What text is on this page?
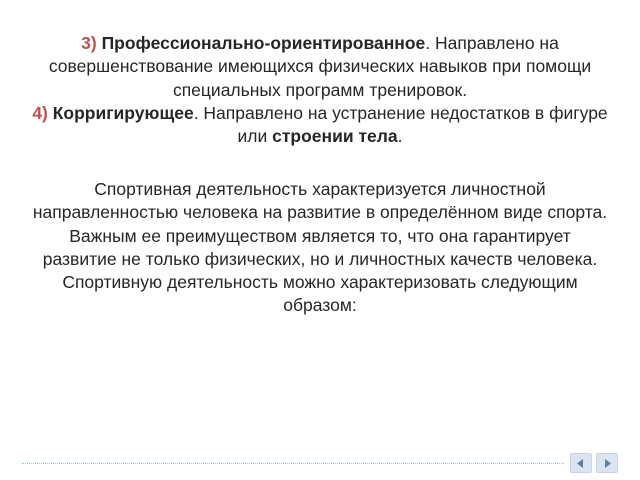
3) Профессионально-ориентированное. Направлено на совершенствование имеющихся физических навыков при помощи специальных программ тренировок.
4) Корригирующее. Направлено на устранение недостатков в фигуре или строении тела.
Спортивная деятельность характеризуется личностной направленностью человека на развитие в определённом виде спорта. Важным ее преимуществом является то, что она гарантирует развитие не только физических, но и личностных качеств человека. Спортивную деятельность можно характеризовать следующим образом:
